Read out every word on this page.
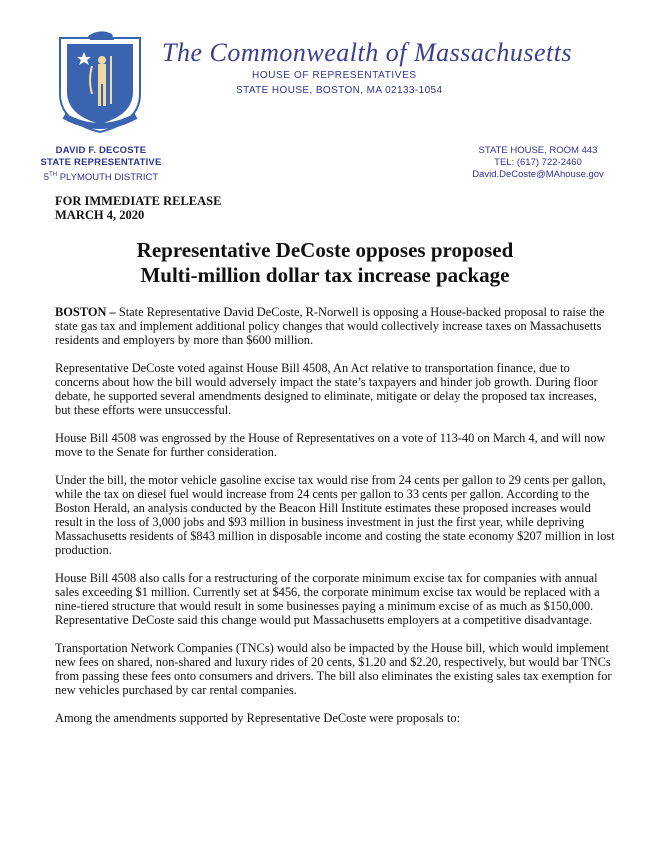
The Commonwealth of Massachusetts
HOUSE OF REPRESENTATIVES
STATE HOUSE, BOSTON, MA 02133-1054
DAVID F. DECOSTE
STATE REPRESENTATIVE
5TH PLYMOUTH DISTRICT
STATE HOUSE, ROOM 443
TEL: (617) 722-2460
David.DeCoste@MAhouse.gov
FOR IMMEDIATE RELEASE
MARCH 4, 2020
Representative DeCoste opposes proposed
Multi-million dollar tax increase package

BOSTON – State Representative David DeCoste, R-Norwell is opposing a House-backed proposal to raise the state gas tax and implement additional policy changes that would collectively increase taxes on Massachusetts residents and employers by more than $600 million.

Representative DeCoste voted against House Bill 4508, An Act relative to transportation finance, due to concerns about how the bill would adversely impact the state’s taxpayers and hinder job growth. During floor debate, he supported several amendments designed to eliminate, mitigate or delay the proposed tax increases, but these efforts were unsuccessful.

House Bill 4508 was engrossed by the House of Representatives on a vote of 113-40 on March 4, and will now move to the Senate for further consideration.

Under the bill, the motor vehicle gasoline excise tax would rise from 24 cents per gallon to 29 cents per gallon, while the tax on diesel fuel would increase from 24 cents per gallon to 33 cents per gallon. According to the Boston Herald, an analysis conducted by the Beacon Hill Institute estimates these proposed increases would result in the loss of 3,000 jobs and $93 million in business investment in just the first year, while depriving Massachusetts residents of $843 million in disposable income and costing the state economy $207 million in lost production.

House Bill 4508 also calls for a restructuring of the corporate minimum excise tax for companies with annual sales exceeding $1 million. Currently set at $456, the corporate minimum excise tax would be replaced with a nine-tiered structure that would result in some businesses paying a minimum excise of as much as $150,000. Representative DeCoste said this change would put Massachusetts employers at a competitive disadvantage.

Transportation Network Companies (TNCs) would also be impacted by the House bill, which would implement new fees on shared, non-shared and luxury rides of 20 cents, $1.20 and $2.20, respectively, but would bar TNCs from passing these fees onto consumers and drivers. The bill also eliminates the existing sales tax exemption for new vehicles purchased by car rental companies.

Among the amendments supported by Representative DeCoste were proposals to:
